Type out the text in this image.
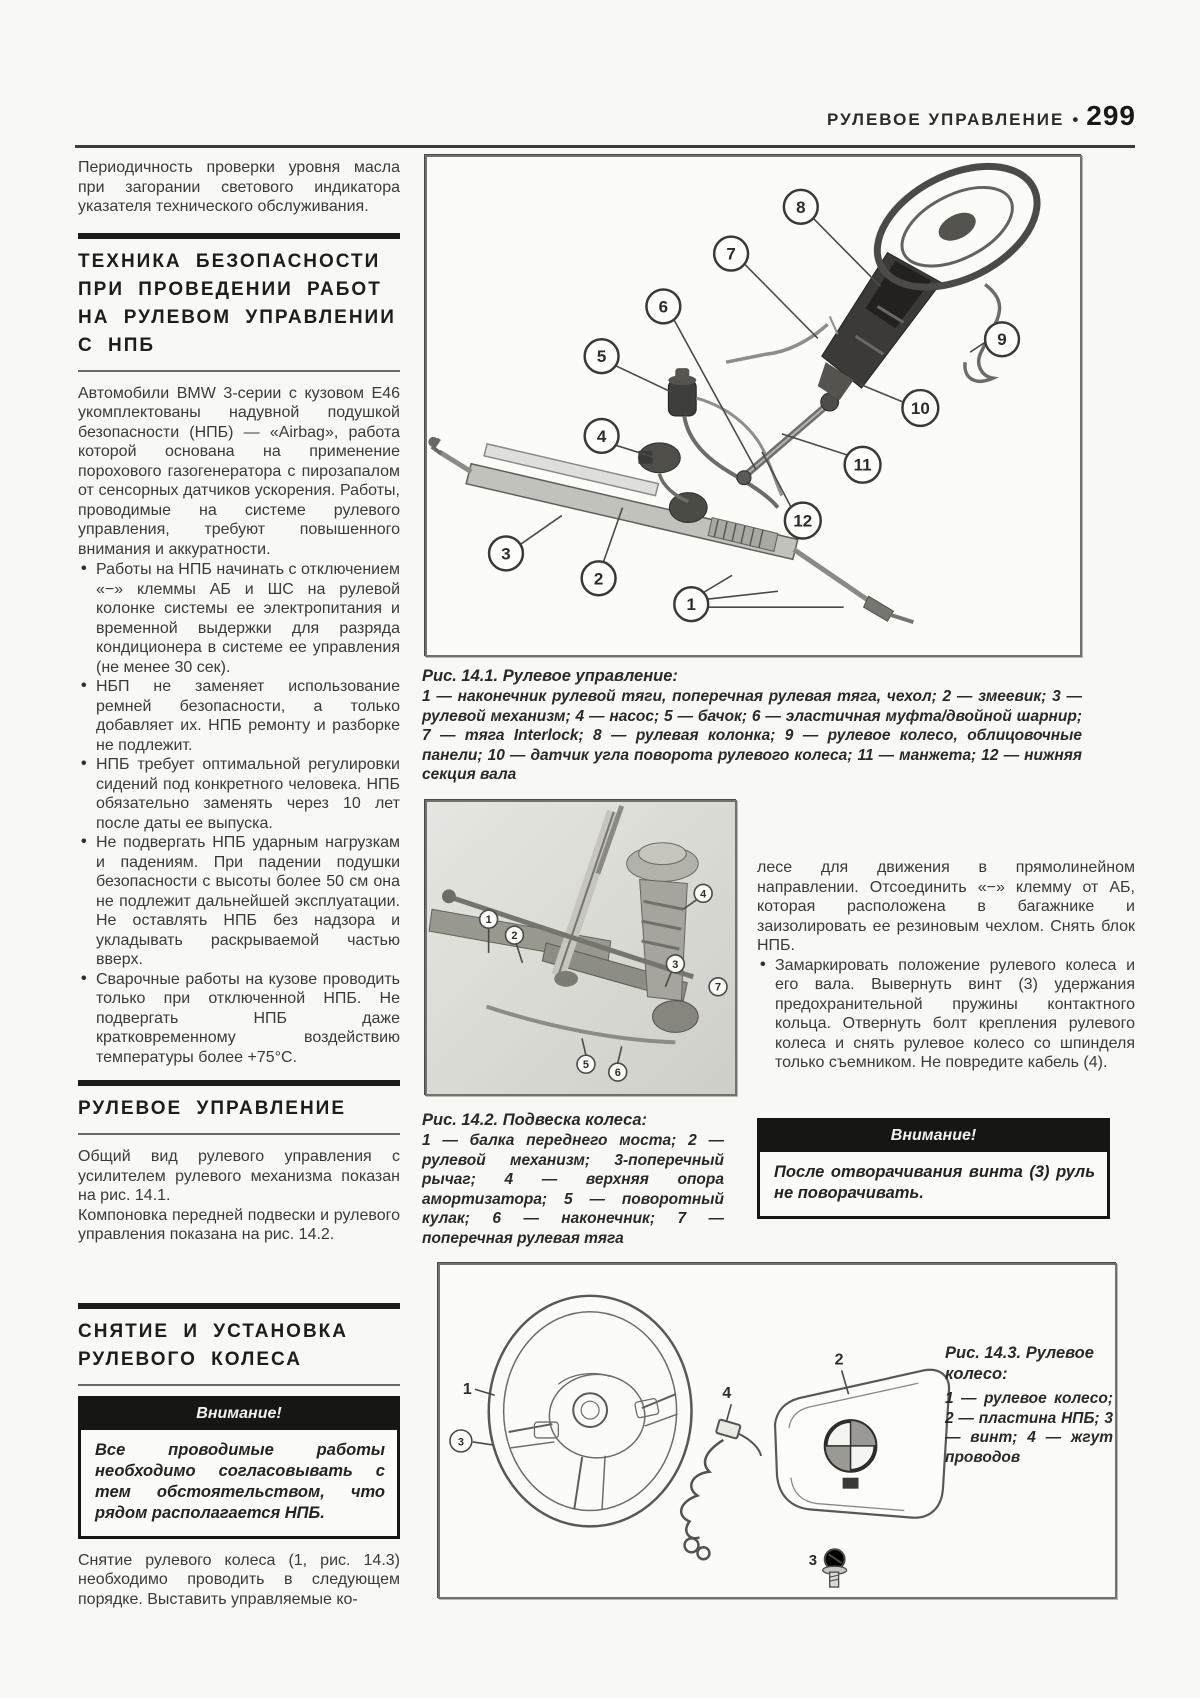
РУЛЕВОЕ УПРАВЛЕНИЕ • 299

Периодичность проверки уровня масла при загорании светового индикатора указателя технического обслуживания.

ТЕХНИКА БЕЗОПАСНОСТИ ПРИ ПРОВЕДЕНИИ РАБОТ НА РУЛЕВОМ УПРАВЛЕНИИ С НПБ

Автомобили BMW 3-серии с кузовом Е46 укомплектованы надувной подушкой безопасности (НПБ) — «Airbag», работа которой основана на применение порохового газогенератора с пирозапалом от сенсорных датчиков ускорения. Работы, проводимые на системе рулевого управления, требуют повышенного внимания и аккуратности.

• Работы на НПБ начинать с отключением «−» клеммы АБ и ШС на рулевой колонке системы ее электропитания и временной выдержки для разряда кондиционера в системе ее управления (не менее 30 сек).
• НБП не заменяет использование ремней безопасности, а только добавляет их. НПБ ремонту и разборке не подлежит.
• НПБ требует оптимальной регулировки сидений под конкретного человека. НПБ обязательно заменять через 10 лет после даты ее выпуска.
• Не подвергать НПБ ударным нагрузкам и падениям. При падении подушки безопасности с высоты более 50 см она не подлежит дальнейшей эксплуатации. Не оставлять НПБ без надзора и укладывать раскрываемой частью вверх.
• Сварочные работы на кузове проводить только при отключенной НПБ. Не подвергать НПБ даже кратковременному воздействию температуры более +75°С.
РУЛЕВОЕ УПРАВЛЕНИЕ

Общий вид рулевого управления с усилителем рулевого механизма показан на рис. 14.1.

Компоновка передней подвески и рулевого управления показана на рис. 14.2.

СНЯТИЕ И УСТАНОВКА РУЛЕВОГО КОЛЕСА
Внимание!
Все проводимые работы необходимо согласовывать с тем обстоятельством, что рядом располагается НПБ.

Снятие рулевого колеса (1, рис. 14.3) необходимо проводить в следующем порядке. Выставить управляемые ко-

8
7
9
6
5
10
4
11
12
3
2
1
Рис. 14.1. Рулевое управление:
1 — наконечник рулевой тяги, поперечная рулевая тяга, чехол; 2 — змеевик; 3 — рулевой механизм; 4 — насос; 5 — бачок; 6 — эластичная муфта/двойной шарнир; 7 — тяга Interlock; 8 — рулевая колонка; 9 — рулевое колесо, облицовочные панели; 10 — датчик угла поворота рулевого колеса; 11 — манжета; 12 — нижняя секция вала
1
2
4
3
5
6
7
Рис. 14.2. Подвеска колеса:
1 — балка переднего моста; 2 — рулевой механизм; 3-поперечный рычаг; 4 — верхняя опора амортизатора; 5 — поворотный кулак; 6 — наконечник; 7 — поперечная рулевая тяга

лесе для движения в прямолинейном направлении. Отсоединить «−» клемму от АБ, которая расположена в багажнике и заизолировать ее резиновым чехлом. Снять блок НПБ.

• Замаркировать положение рулевого колеса и его вала. Вывернуть винт (3) удержания предохранительной пружины контактного кольца. Отвернуть болт крепления рулевого колеса и снять рулевое колесо со шпинделя только съемником. Не повредите кабель (4).
Внимание!
После отворачивания винта (3) руль не поворачивать.
1
3
4
2
3
Рис. 14.3. Рулевое колесо:
1 — рулевое колесо; 2 — пластина НПБ; 3 — винт; 4 — жгут проводов
